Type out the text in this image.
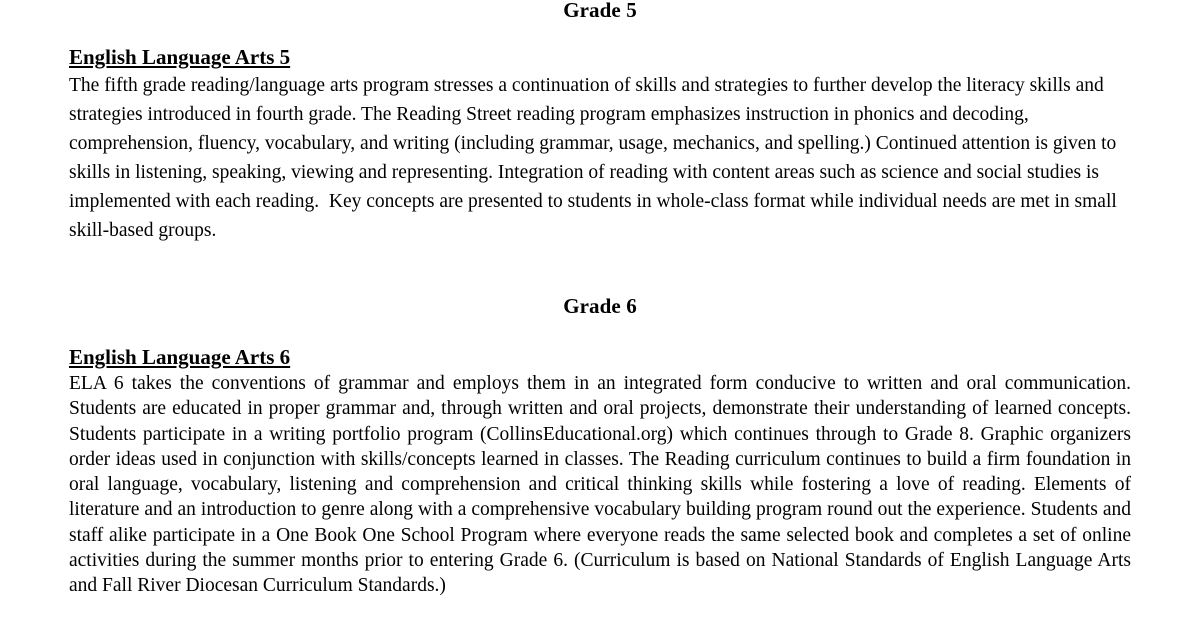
Grade 5
English Language Arts 5

The fifth grade reading/language arts program stresses a continuation of skills and strategies to further develop the literacy skills and strategies introduced in fourth grade. The Reading Street reading program emphasizes instruction in phonics and decoding, comprehension, fluency, vocabulary, and writing (including grammar, usage, mechanics, and spelling.) Continued attention is given to skills in listening, speaking, viewing and representing. Integration of reading with content areas such as science and social studies is implemented with each reading.  Key concepts are presented to students in whole-class format while individual needs are met in small skill-based groups.

Grade 6
English Language Arts 6

ELA 6 takes the conventions of grammar and employs them in an integrated form conducive to written and oral communication. Students are educated in proper grammar and, through written and oral projects, demonstrate their understanding of learned concepts. Students participate in a writing portfolio program (CollinsEducational.org) which continues through to Grade 8. Graphic organizers order ideas used in conjunction with skills/concepts learned in classes. The Reading curriculum continues to build a firm foundation in oral language, vocabulary, listening and comprehension and critical thinking skills while fostering a love of reading. Elements of literature and an introduction to genre along with a comprehensive vocabulary building program round out the experience. Students and staff alike participate in a One Book One School Program where everyone reads the same selected book and completes a set of online activities during the summer months prior to entering Grade 6. (Curriculum is based on National Standards of English Language Arts and Fall River Diocesan Curriculum Standards.)
